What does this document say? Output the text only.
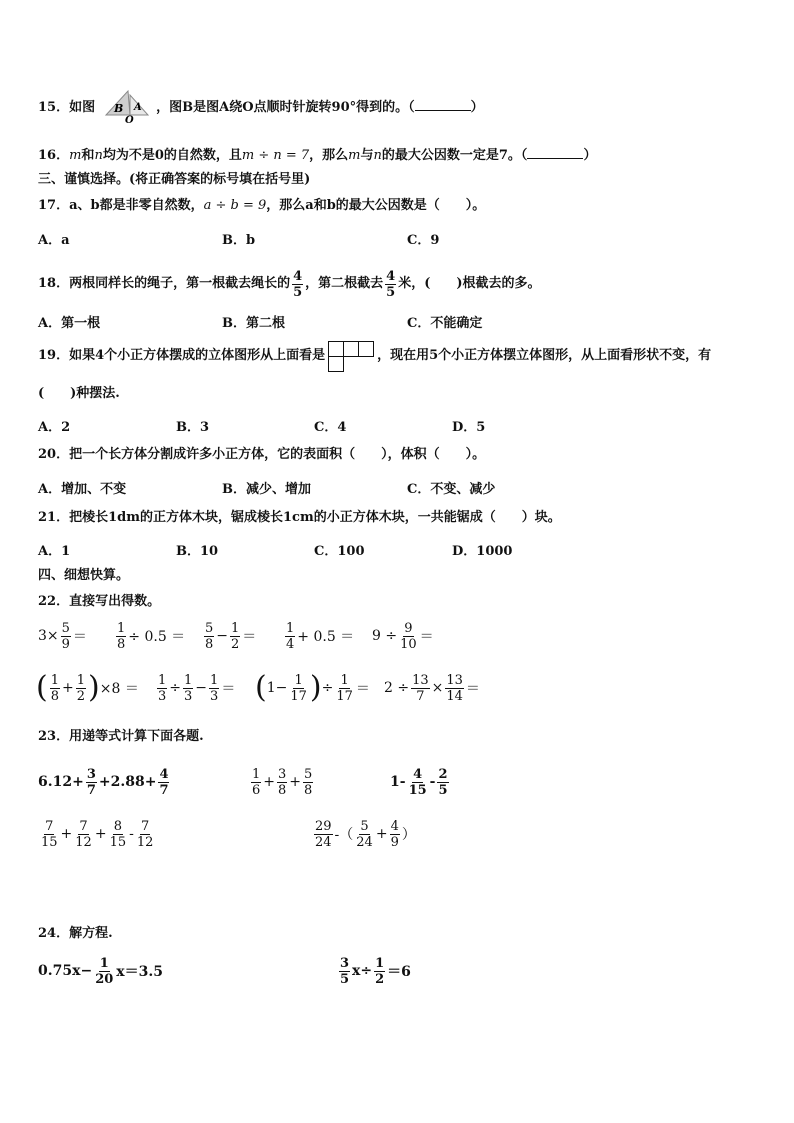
15．如图 B A
O
，图B是图A绕O点顺时针旋转90°得到的。（	）
16．m和n均为不是0的自然数，且m ÷ n = 7，那么m与n的最大公因数一定是7。（	）
三、谨慎选择。(将正确答案的标号填在括号里)
17．a、b都是非零自然数，a ÷ b = 9，那么a和b的最大公因数是（　　）。
A．a	B．b	C．9
18．两根同样长的绳子，第一根截去绳长的 $\frac{4}{5}$ ，第二根截去 $\frac{4}{5}$ 米，(　　)根截去的多。
A．第一根	B．第二根	C．不能确定
19．如果4个小正方体摆成的立体图形从上面看是	，现在用5个小正方体摆立体图形，从上面看形状不变，有
(　　)种摆法.
A．2	B．3	C．4	D．5
20．把一个长方体分割成许多小正方体，它的表面积（　　），体积（　　）。
A．增加、不变	B．减少、增加	C．不变、减少
21．把棱长1dm的正方体木块，锯成棱长1cm的小正方体木块，一共能锯成（　　）块。
A．1	B．10	C．100	D．1000
四、细想快算。
22．直接写出得数。
$3\times \frac{5}{9} = \frac{1}{8} \div 0.5 = \frac{5}{8} - \frac{1}{2} = \frac{1}{4} + 0.5 = 9 \div \frac{9}{10}$ ＝
( $\frac{1}{8} + \frac{1}{2}$ ) $\times 8 = \frac{1}{3} \div \frac{1}{3} - \frac{1}{3}$ ＝ ( $1- \frac{1}{17}$ ) ÷ $\frac{1}{17} = 2 \div \frac{13}{7} \times \frac{13}{14}$ ＝
23．用递等式计算下面各题.
$6.12+ \frac{3}{7} +2.88+ \frac{4}{7}$	$\frac{1}{6} + \frac{3}{8} + \frac{5}{8}$	$1- \frac{4}{15} - \frac{2}{5}$
$\frac{7}{15} + \frac{7}{12} + \frac{8}{15} - \frac{7}{12}$	$\frac{29}{24}$ -（ $\frac{5}{24} + \frac{4}{9}$ ）
24．解方程.
$0.75x- \frac{1}{20} x=3.5$	$\frac{3}{5} x\div \frac{1}{2} =6$
